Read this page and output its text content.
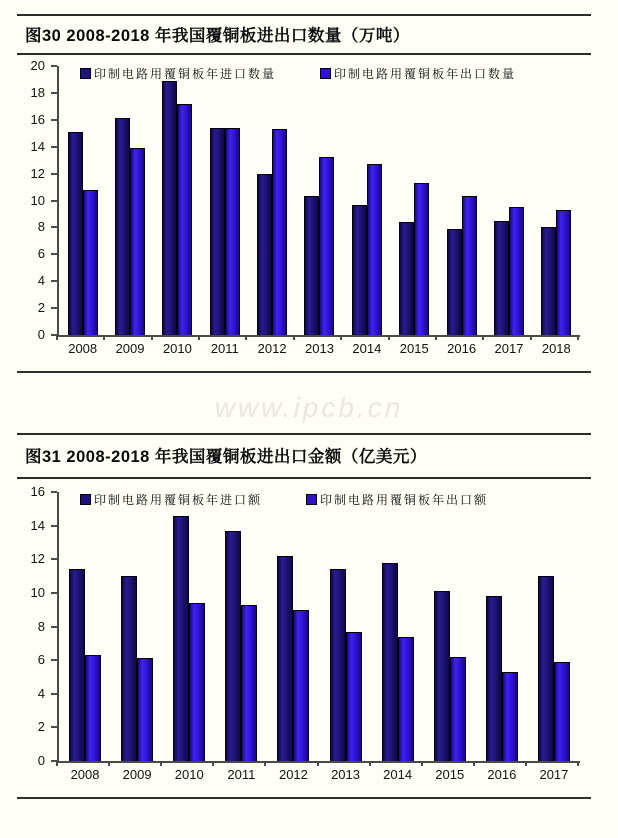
图30 2008-2018 年我国覆铜板进出口数量（万吨）
2008	2009	2010	2011	2012	2013	2014	2015	2016	2017	2018
印制电路用覆铜板年进口数量	印制电路用覆铜板年出口数量
0
2
4
6
8
10
12
14
16
18
20
www.ipcb.cn
图31 2008-2018 年我国覆铜板进出口金额（亿美元）
2008	2009	2010	2011	2012	2013	2014	2015	2016	2017
印制电路用覆铜板年进口额	印制电路用覆铜板年出口额
0
2
4
6
8
10
12
14
16
